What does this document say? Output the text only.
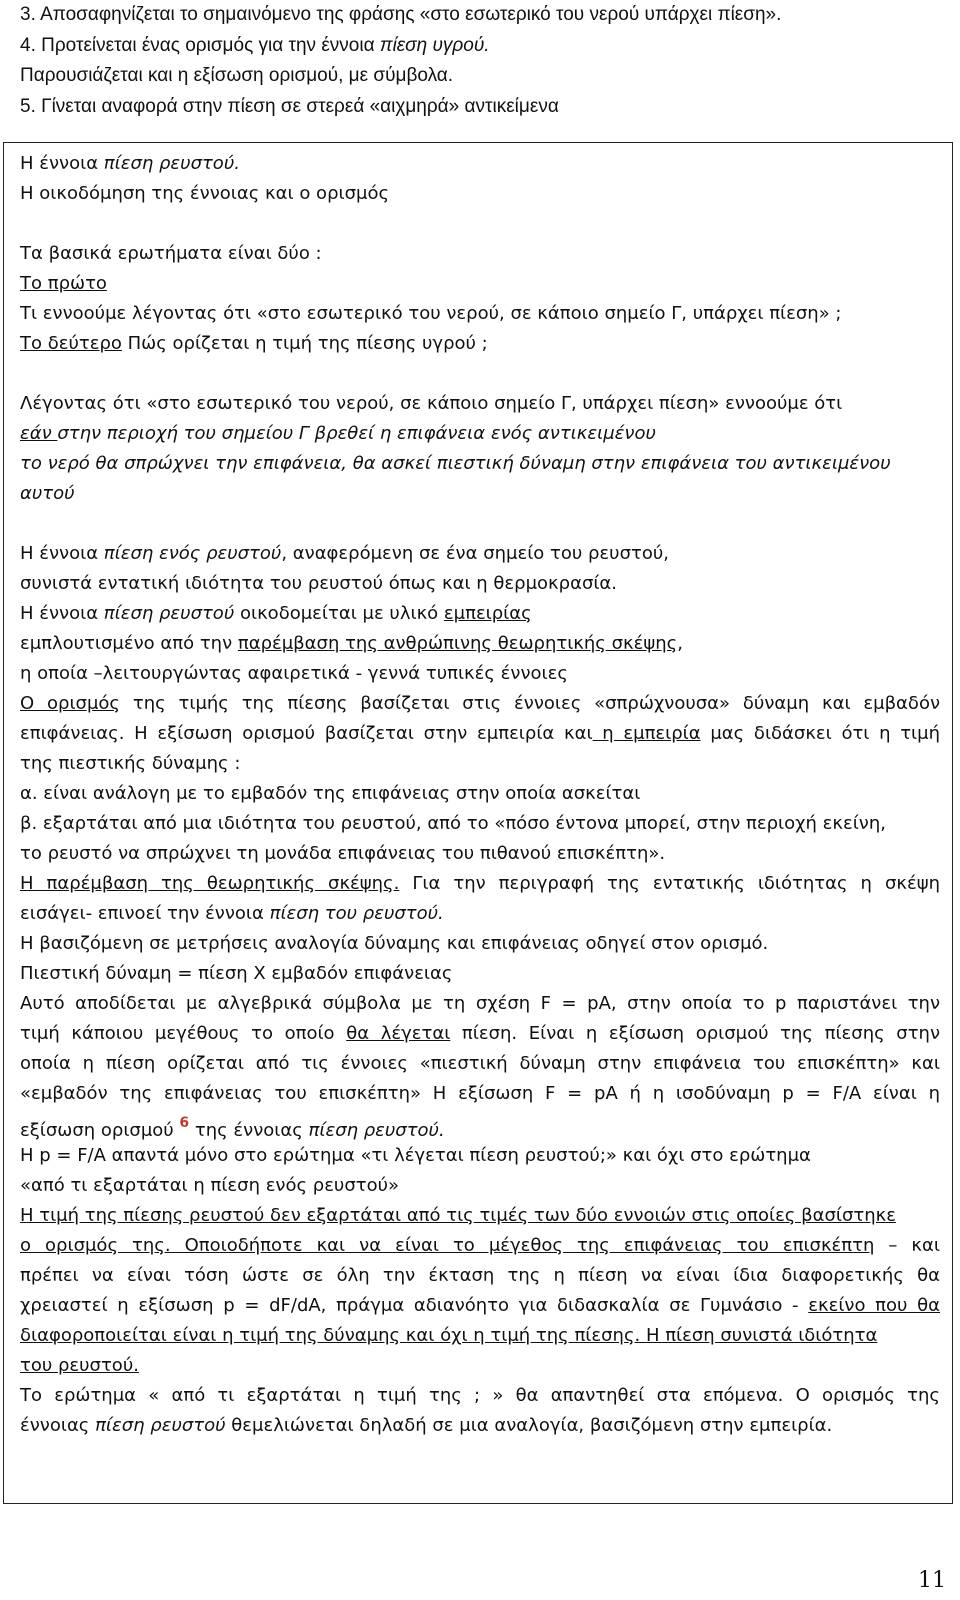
3. Αποσαφηνίζεται το σημαινόμενο της φράσης «στο εσωτερικό του νερού υπάρχει πίεση».
4. Προτείνεται ένας ορισμός για την έννοια πίεση υγρού.
Παρουσιάζεται και η εξίσωση ορισμού, με σύμβολα.
5. Γίνεται αναφορά στην πίεση σε στερεά «αιχμηρά» αντικείμενα
Η έννοια πίεση ρευστού.
Η οικοδόμηση της έννοιας και ο ορισμός
Τα βασικά ερωτήματα είναι δύο :
Το πρώτο
Τι εννοούμε λέγοντας ότι «στο εσωτερικό του νερού, σε κάποιο σημείο Γ, υπάρχει πίεση» ;
Το δεύτερο Πώς ορίζεται η τιμή της πίεσης υγρού ;
Λέγοντας ότι «στο εσωτερικό του νερού, σε κάποιο σημείο Γ, υπάρχει πίεση» εννοούμε ότι
εάν στην περιοχή του σημείου Γ βρεθεί η επιφάνεια ενός αντικειμένου
το νερό θα σπρώχνει την επιφάνεια, θα ασκεί πιεστική δύναμη στην επιφάνεια του αντικειμένου
αυτού
Η έννοια πίεση ενός ρευστού, αναφερόμενη σε ένα σημείο του ρευστού,
συνιστά εντατική ιδιότητα του ρευστού όπως και η θερμοκρασία.
Η έννοια πίεση ρευστού οικοδομείται με υλικό εμπειρίας
εμπλουτισμένο από την παρέμβαση της ανθρώπινης θεωρητικής σκέψης,
η οποία –λειτουργώντας αφαιρετικά - γεννά τυπικές έννοιες
Ο ορισμός της τιμής της πίεσης βασίζεται στις έννοιες «σπρώχνουσα» δύναμη και εμβαδόν
επιφάνειας. Η εξίσωση ορισμού βασίζεται στην εμπειρία και η εμπειρία μας διδάσκει ότι η τιμή
της πιεστικής δύναμης :
α. είναι ανάλογη με το εμβαδόν της επιφάνειας στην οποία ασκείται
β. εξαρτάται από μια ιδιότητα του ρευστού, από το «πόσο έντονα μπορεί, στην περιοχή εκείνη,
το ρευστό να σπρώχνει τη μονάδα επιφάνειας του πιθανού επισκέπτη».
Η παρέμβαση της θεωρητικής σκέψης. Για την περιγραφή της εντατικής ιδιότητας η σκέψη
εισάγει- επινοεί την έννοια πίεση του ρευστού.
Η βασιζόμενη σε μετρήσεις αναλογία δύναμης και επιφάνειας οδηγεί στον ορισμό.
Πιεστική δύναμη = πίεση Χ εμβαδόν επιφάνειας
Αυτό αποδίδεται με αλγεβρικά σύμβολα με τη σχέση F = pA, στην οποία το p παριστάνει την
τιμή κάποιου μεγέθους το οποίο θα λέγεται πίεση. Είναι η εξίσωση ορισμού της πίεσης στην
οποία η πίεση ορίζεται από τις έννοιες «πιεστική δύναμη στην επιφάνεια του επισκέπτη» και
«εμβαδόν της επιφάνειας του επισκέπτη» Η εξίσωση F = pA ή η ισοδύναμη p = F/A είναι η
εξίσωση ορισμού $^6$ της έννοιας πίεση ρευστού.
Η p = F/A απαντά μόνο στο ερώτημα «τι λέγεται πίεση ρευστού;» και όχι στο ερώτημα
«από τι εξαρτάται η πίεση ενός ρευστού»
Η τιμή της πίεσης ρευστού δεν εξαρτάται από τις τιμές των δύο εννοιών στις οποίες βασίστηκε
ο ορισμός της. Οποιοδήποτε και να είναι το μέγεθος της επιφάνειας του επισκέπτη – και
πρέπει να είναι τόση ώστε σε όλη την έκταση της η πίεση να είναι ίδια διαφορετικής θα
χρειαστεί η εξίσωση p = dF/dA, πράγμα αδιανόητο για διδασκαλία σε Γυμνάσιο - εκείνο που θα
διαφοροποιείται είναι η τιμή της δύναμης και όχι η τιμή της πίεσης. Η πίεση συνιστά ιδιότητα
του ρευστού.
Το ερώτημα « από τι εξαρτάται η τιμή της ; » θα απαντηθεί στα επόμενα. Ο ορισμός της
έννοιας πίεση ρευστού θεμελιώνεται δηλαδή σε μια αναλογία, βασιζόμενη στην εμπειρία.
11
